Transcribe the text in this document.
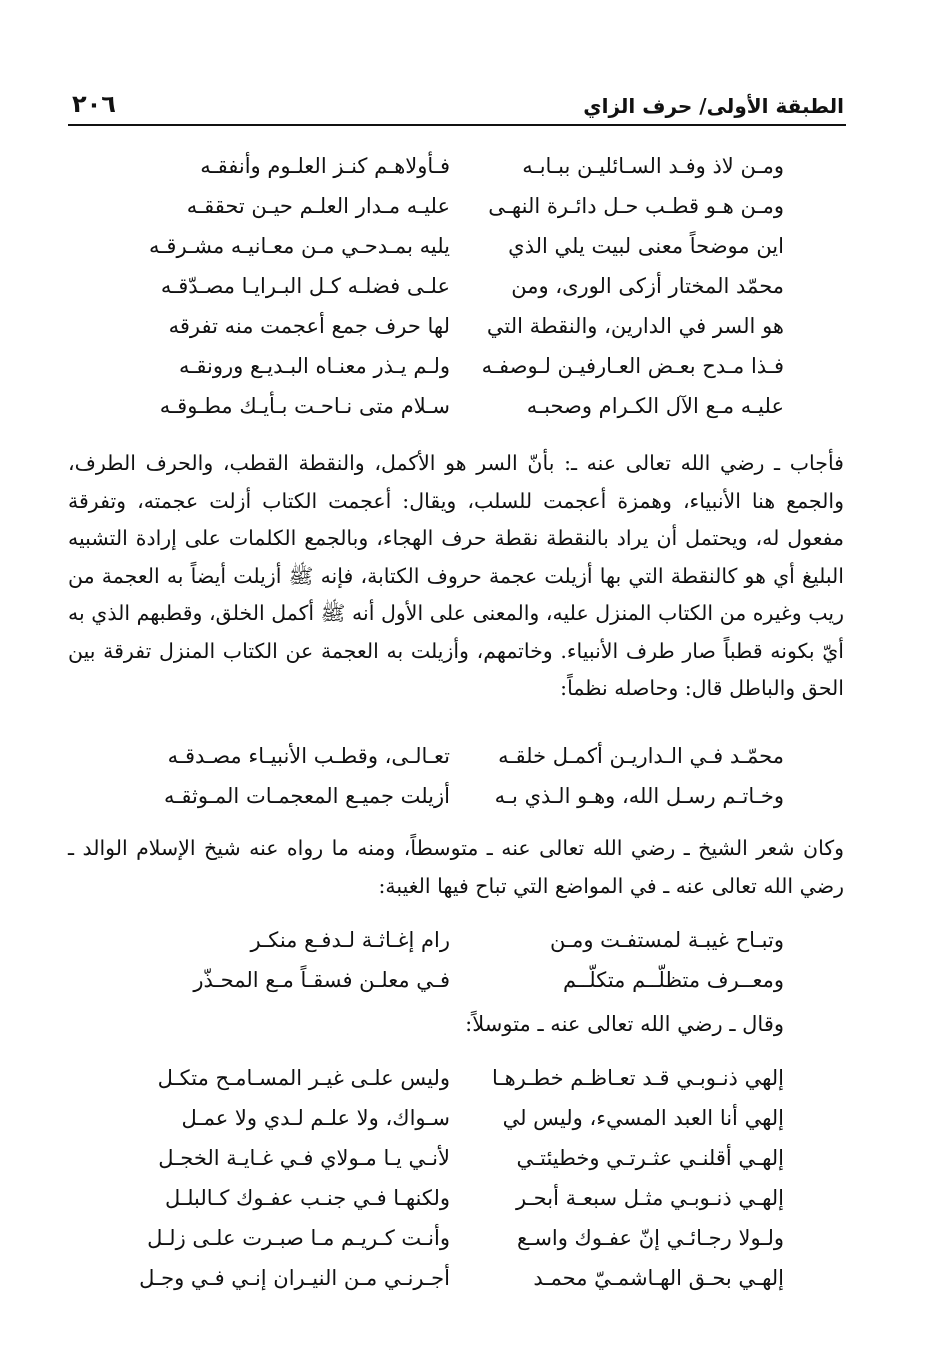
الطبقة الأولى/ حرف الزاي
٢٠٦
ومـن لاذ وفـد السـائليـن ببـابـه
فـأولاهـم كنـز العلـوم وأنفقـه
ومـن هـو قطـب حـل دائـرة النهـى
عليـه مـدار العلـم حيـن تحققـه
اين موضحاً معنى لبيت يلي الذي
يليه بمـدحـي مـن معـانيـه مشـرقـه
محمّد المختار أزكى الورى، ومن
علـى فضلـه كـل البـرايـا مصـدّقـه
هو السر في الدارين، والنقطة التي
لها حرف جمع أعجمت منه تفرقه
فـذا مـدح بعـض العـارفيـن لـوصفـه
ولـم يـذر معنـاه البـديـع ورونقـه
عليـه مـع الآل الكـرام وصحبـه
سـلام متى نـاحـت بـأيـك مطـوقـه

فأجاب ـ رضي الله تعالى عنه ـ: بأنّ السر هو الأكمل، والنقطة القطب، والحرف الطرف، والجمع هنا الأنبياء، وهمزة أعجمت للسلب، ويقال: أعجمت الكتاب أزلت عجمته، وتفرقة مفعول له، ويحتمل أن يراد بالنقطة نقطة حرف الهجاء، وبالجمع الكلمات على إرادة التشبيه البليغ أي هو كالنقطة التي بها أزيلت عجمة حروف الكتابة، فإنه ﷺ أزيلت أيضاً به العجمة من ريب وغيره من الكتاب المنزل عليه، والمعنى على الأول أنه ﷺ أكمل الخلق، وقطبهم الذي به أيّ بكونه قطباً صار طرف الأنبياء. وخاتمهم، وأزيلت به العجمة عن الكتاب المنزل تفرقة بين الحق والباطل قال: وحاصله نظماً:

محمّـد فـي الـداريـن أكمـل خلقـه
تعـالـى، وقطـب الأنبيـاء مصـدقـه
وخـاتـم رسـل الله، وهـو الـذي بـه
أزيلت جميـع المعجمـات المـوثقـه

وكان شعر الشيخ ـ رضي الله تعالى عنه ـ متوسطاً، ومنه ما رواه عنه شيخ الإسلام الوالد ـ رضي الله تعالى عنه ـ في المواضع التي تباح فيها الغيبة:

وتبـاح غيبـة لمستفـت ومـن
رام إغـاثـة لـدفـع منكـر
ومعــرف متظلّــم متكلّــم
فـي معلـن فسقـاً مـع المحـذّر
وقال ـ رضي الله تعالى عنه ـ متوسلاً:
إلهي ذنـوبـي قـد تعـاظـم خطـرهـا
وليس علـى غيـر المسـامـح متكـل
إلهي أنا العبد المسيء، وليس لي
سـواك، ولا علـم لـدي ولا عمـل
إلهـي أقلنـي عثـرتـي وخطيئتـي
لأنـي يـا مـولاي فـي غـايـة الخجـل
إلهـي ذنـوبـي مثـل سبعـة أبحـر
ولكنهـا فـي جنـب عفـوك كـالبلـل
ولـولا رجـائـي إنّ عفـوك واسـع
وأنـت كـريـم مـا صبـرت علـى زلـل
إلهـي بحـق الهـاشمـيّ محمـد
أجـرنـي مـن النيـران إنـي فـي وجـل
